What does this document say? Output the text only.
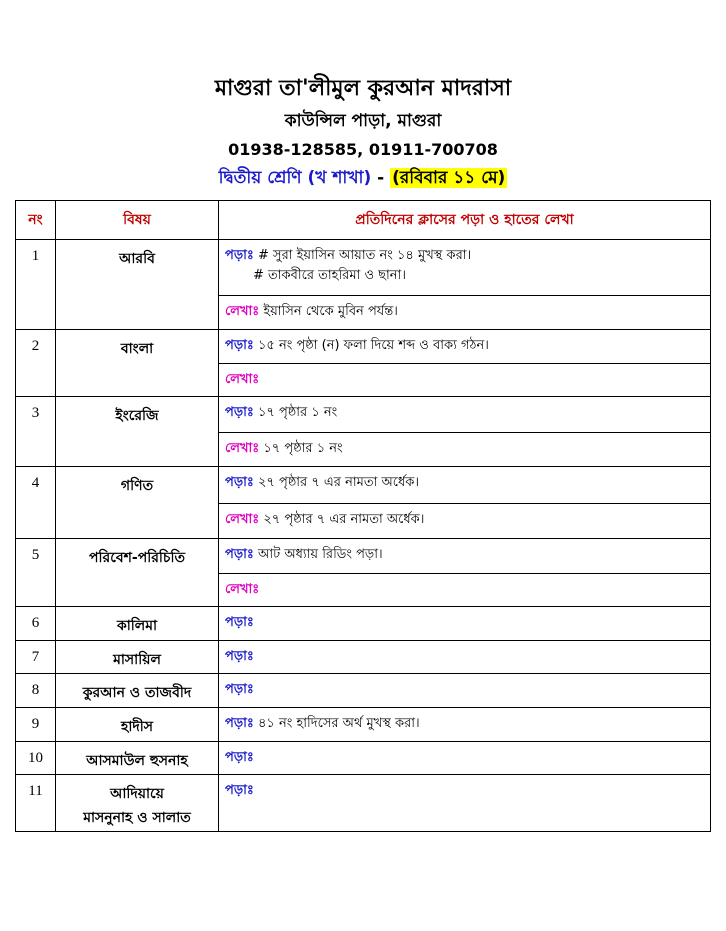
মাগুরা তা'লীমুল কুরআন মাদরাসা
কাউন্সিল পাড়া, মাগুরা
01938-128585, 01911-700708
দ্বিতীয় শ্রেণি (খ শাখা) - (রবিবার ১১ মে)
নং	বিষয়	প্রতিদিনের ক্লাসের পড়া ও হাতের লেখা
1	আরবি	পড়াঃ # সুরা ইয়াসিন আয়াত নং ১৪ মুখস্থ করা।
# তাকবীরে তাহরিমা ও ছানা।

		লেখাঃ ইয়াসিন থেকে মুবিন পর্যন্ত।
2	বাংলা	পড়াঃ ১৫ নং পৃষ্ঠা (ন) ফলা দিয়ে শব্দ ও বাক্য গঠন।
		লেখাঃ
3	ইংরেজি	পড়াঃ ১৭ পৃষ্ঠার ১ নং
		লেখাঃ ১৭ পৃষ্ঠার ১ নং
4	গণিত	পড়াঃ ২৭ পৃষ্ঠার ৭ এর নামতা অর্ধেক।
		লেখাঃ ২৭ পৃষ্ঠার ৭ এর নামতা অর্ধেক।
5	পরিবেশ-পরিচিতি	পড়াঃ আট অধ্যায় রিডিং পড়া।
		লেখাঃ
6	কালিমা	পড়াঃ
7	মাসায়িল	পড়াঃ
8	কুরআন ও তাজবীদ	পড়াঃ
9	হাদীস	পড়াঃ ৪১ নং হাদিসের অর্থ মুখস্থ করা।
10	আসমাউল হুসনাহ	পড়াঃ
11	আদিয়ায়ে
মাসনুনাহ ও সালাত	পড়াঃ
